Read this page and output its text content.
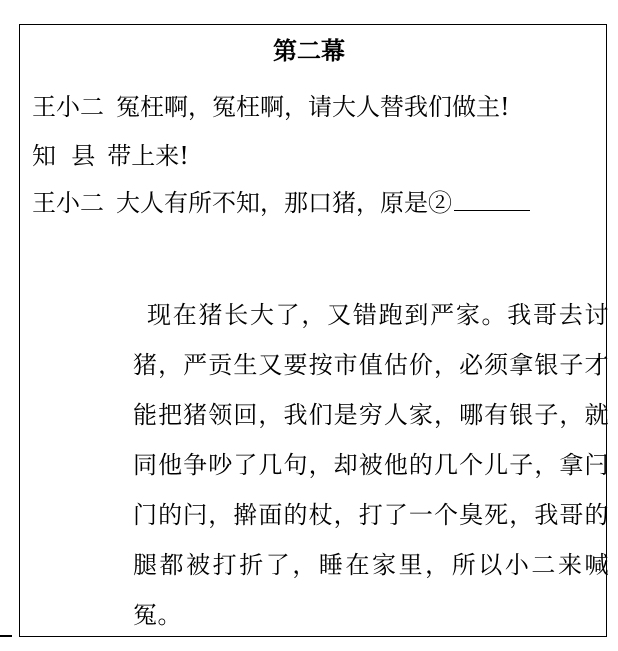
第二幕
王小二 冤枉啊，冤枉啊，请大人替我们做主!
知  县 带上来!
王小二 大人有所不知，那口猪，原是②
现在猪长大了，又错跑到严家。我哥去讨猪，严贡生又要按市值估价，必须拿银子才能把猪领回，我们是穷人家，哪有银子，就同他争吵了几句，却被他的几个儿子，拿闩门的闩，擀面的杖，打了一个臭死，我哥的腿都被打折了，睡在家里，所以小二来喊冤。
